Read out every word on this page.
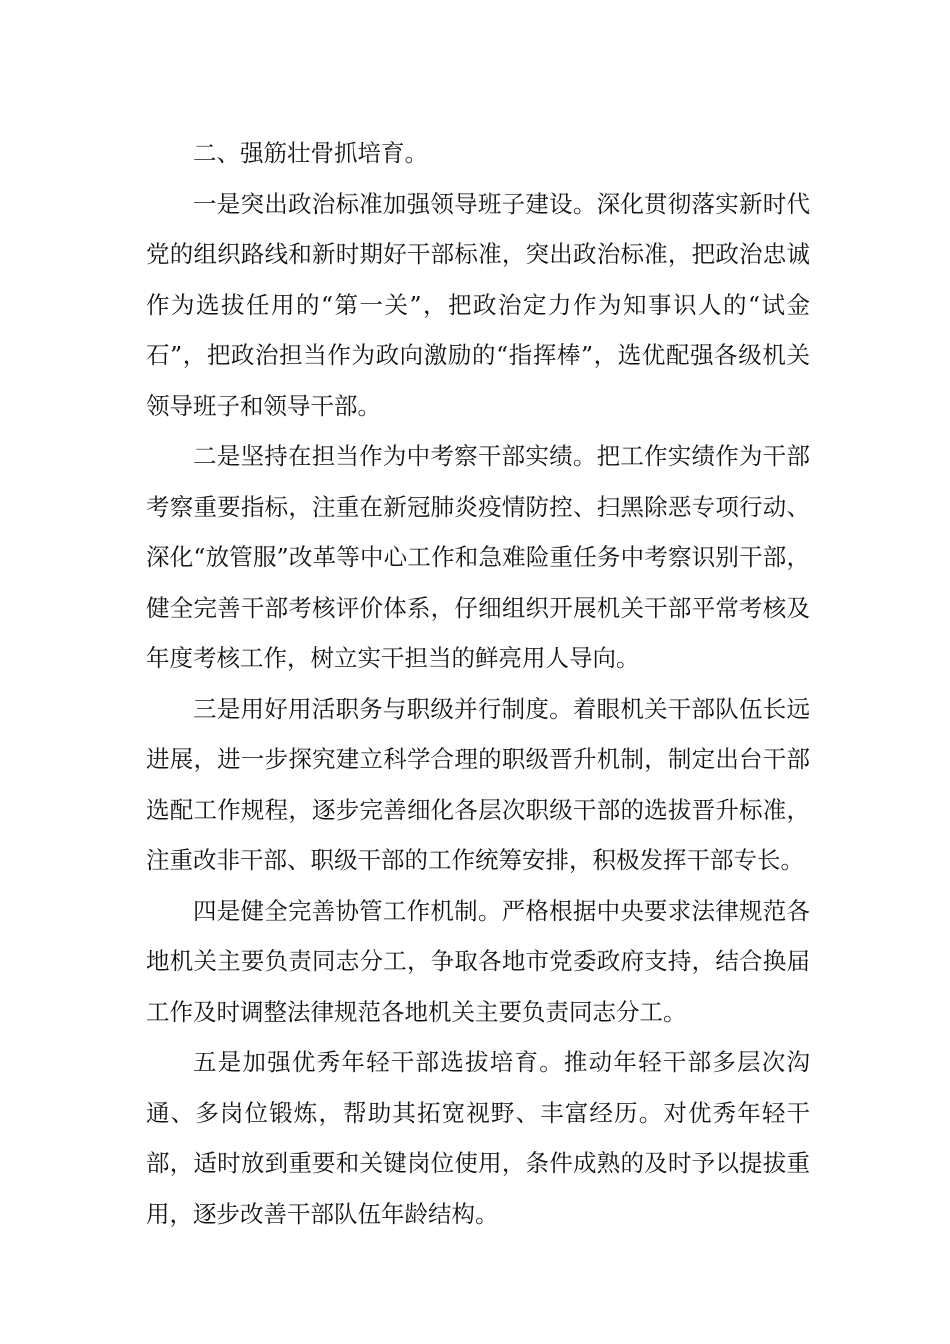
二、强筋壮骨抓培育。

一是突出政治标准加强领导班子建设。深化贯彻落实新时代党的组织路线和新时期好干部标准，突出政治标准，把政治忠诚作为选拔任用的“第一关”，把政治定力作为知事识人的“试金石”，把政治担当作为政向激励的“指挥棒”，选优配强各级机关领导班子和领导干部。

二是坚持在担当作为中考察干部实绩。把工作实绩作为干部考察重要指标，注重在新冠肺炎疫情防控、扫黑除恶专项行动、深化“放管服”改革等中心工作和急难险重任务中考察识别干部，健全完善干部考核评价体系，仔细组织开展机关干部平常考核及年度考核工作，树立实干担当的鲜亮用人导向。

三是用好用活职务与职级并行制度。着眼机关干部队伍长远进展，进一步探究建立科学合理的职级晋升机制，制定出台干部选配工作规程，逐步完善细化各层次职级干部的选拔晋升标准，注重改非干部、职级干部的工作统筹安排，积极发挥干部专长。

四是健全完善协管工作机制。严格根据中央要求法律规范各地机关主要负责同志分工，争取各地市党委政府支持，结合换届工作及时调整法律规范各地机关主要负责同志分工。

五是加强优秀年轻干部选拔培育。推动年轻干部多层次沟通、多岗位锻炼，帮助其拓宽视野、丰富经历。对优秀年轻干部，适时放到重要和关键岗位使用，条件成熟的及时予以提拔重用，逐步改善干部队伍年龄结构。
